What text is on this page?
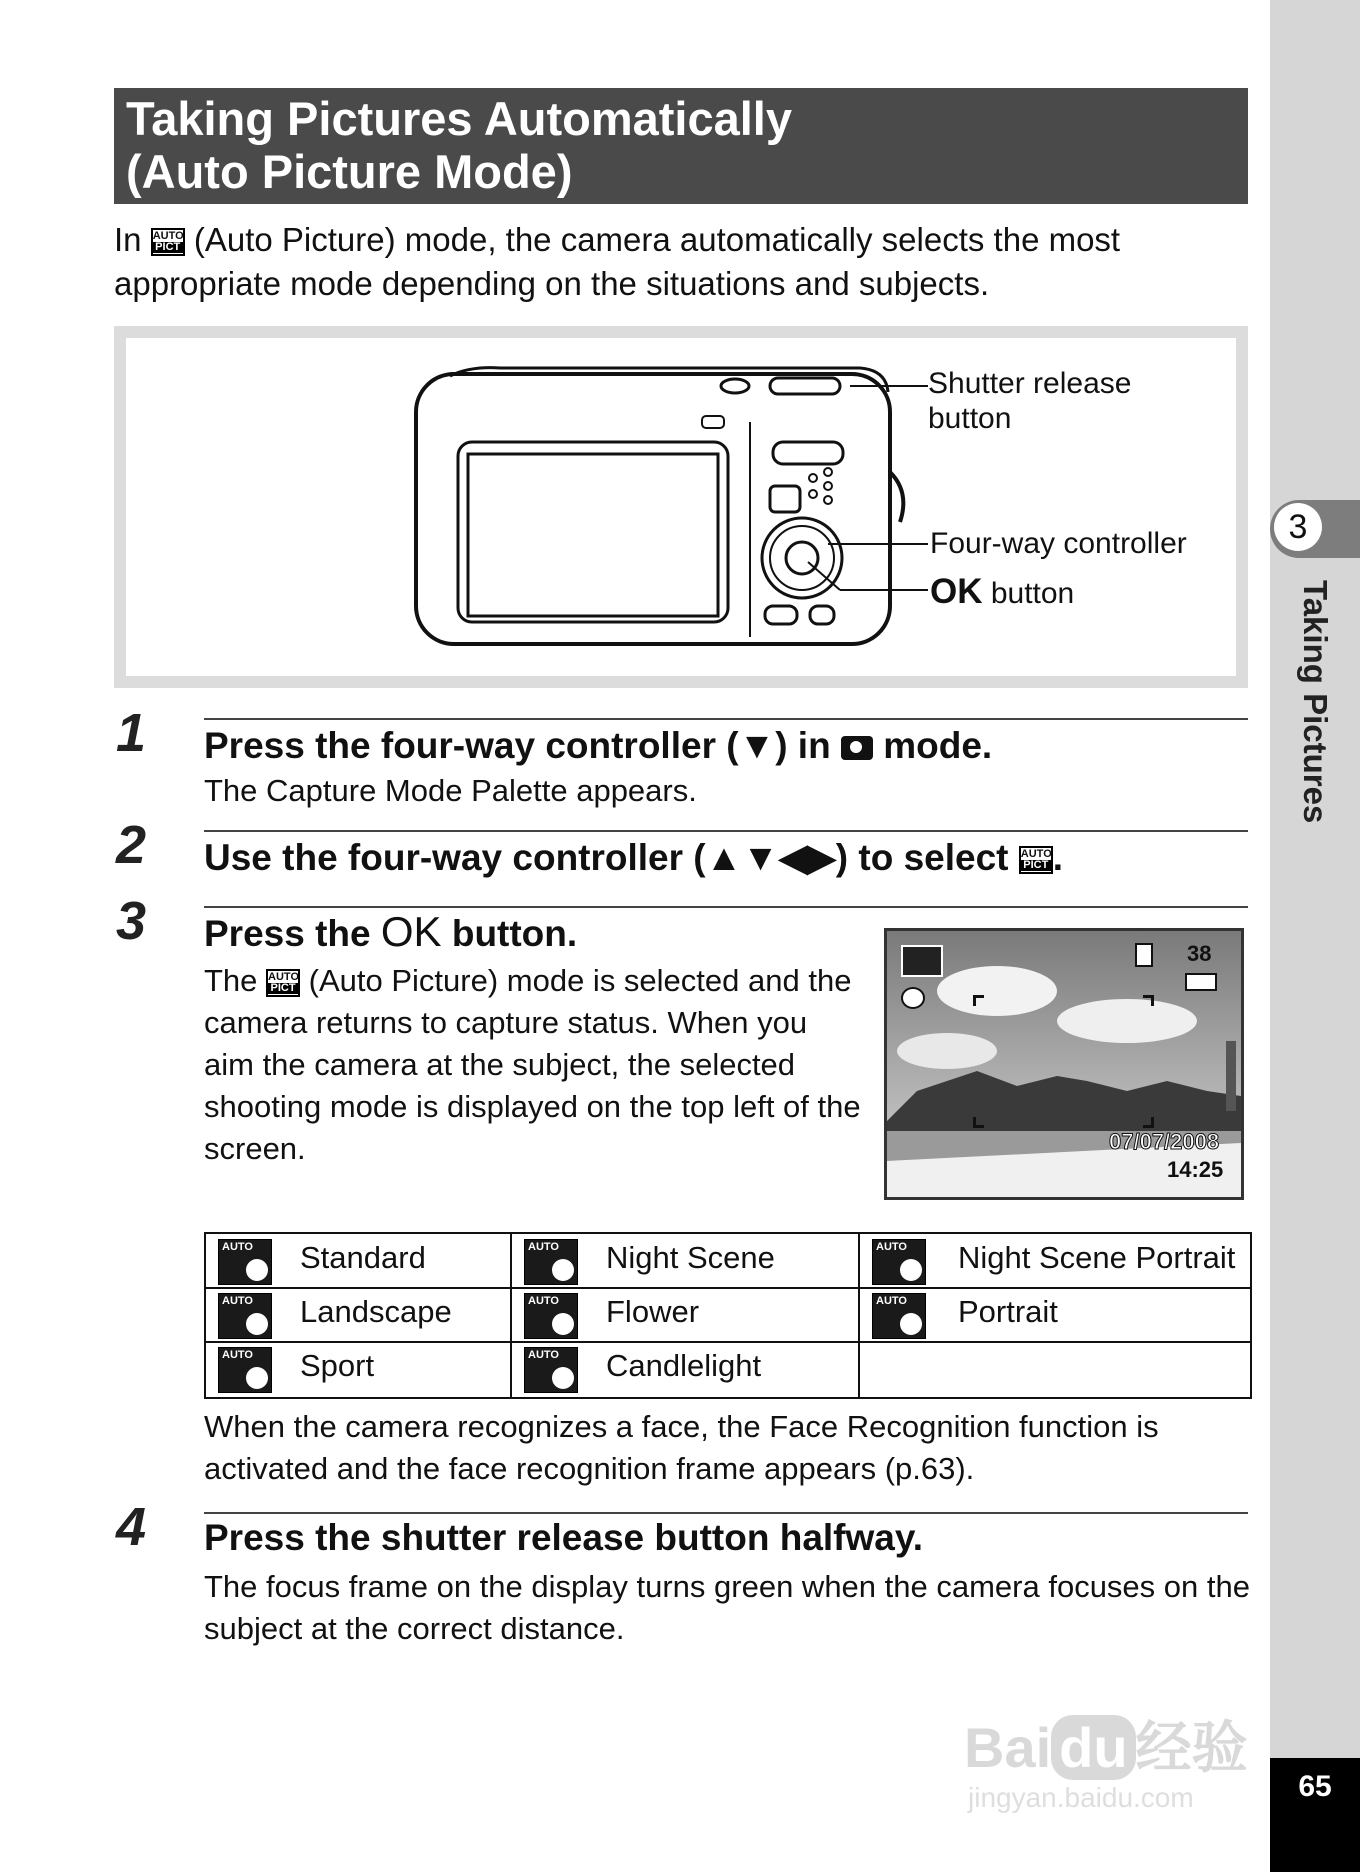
3
Taking Pictures
65
Taking Pictures Automatically
(Auto Picture Mode)
In AUTO
PICT (Auto Picture) mode, the camera automatically selects the most appropriate mode depending on the situations and subjects.
Shutter release
button
Four-way controller
OK button
1 Press the four-way controller (▼) in
mode.
The Capture Mode Palette appears.
2 Use the four-way controller (▲▼◀▶) to select AUTO
PICT .
3 Press the OK button.
The AUTO
PICT (Auto Picture) mode is selected and the camera returns to capture status. When you aim the camera at the subject, the selected shooting mode is displayed on the top left of the screen.
38
07/07/2008
14:25
AUTO Standard	AUTO Night Scene	AUTO Night Scene Portrait
AUTO Landscape	AUTO Flower	AUTO Portrait
AUTO Sport	AUTO Candlelight
When the camera recognizes a face, the Face Recognition function is activated and the face recognition frame appears (p.63).
4 Press the shutter release button halfway.
The focus frame on the display turns green when the camera focuses on the subject at the correct distance.
Bai du 经验
jingyan.baidu.com
